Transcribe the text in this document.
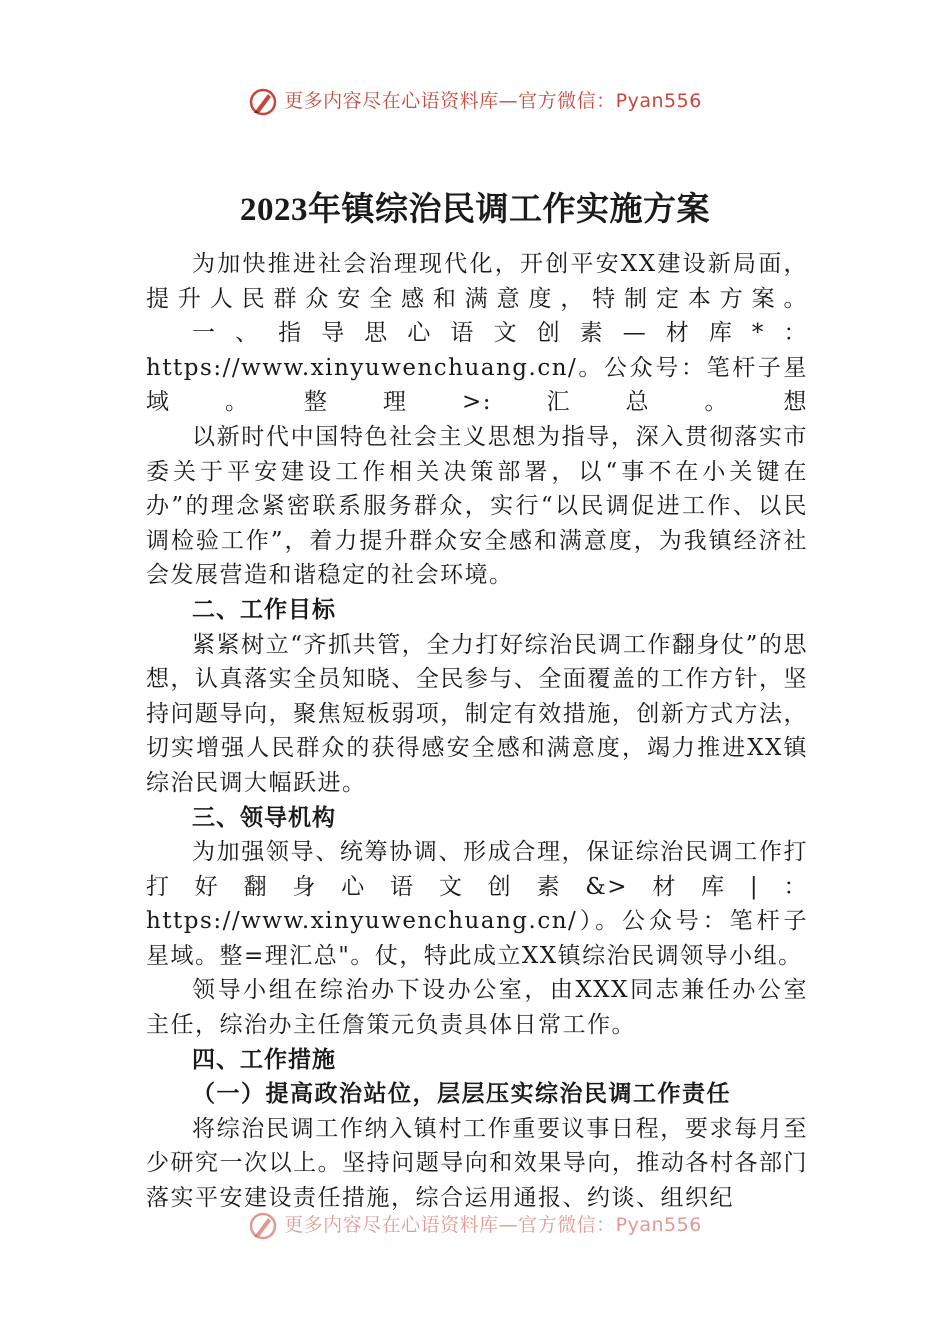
更多内容尽在心语资料库—官方微信：Pyan556
2023年镇综治民调工作实施方案

为加快推进社会治理现代化，开创平安XX建设新局面，提升人民群众安全感和满意度，特制定本方案。

一、指导思心语文创素—材库*：https://www.xinyuwenchuang.cn/。公众号：笔杆子星域。整理>:汇总。想

以新时代中国特色社会主义思想为指导，深入贯彻落实市委关于平安建设工作相关决策部署，以“事不在小关键在办”的理念紧密联系服务群众，实行“以民调促进工作、以民调检验工作”，着力提升群众安全感和满意度，为我镇经济社会发展营造和谐稳定的社会环境。

二、工作目标

紧紧树立“齐抓共管，全力打好综治民调工作翻身仗”的思想，认真落实全员知晓、全民参与、全面覆盖的工作方针，坚持问题导向，聚焦短板弱项，制定有效措施，创新方式方法，切实增强人民群众的获得感安全感和满意度，竭力推进XX镇综治民调大幅跃进。

三、领导机构

为加强领导、统筹协调、形成合理，保证综治民调工作打打好翻身心语文创素&>材库|：https://www.xinyuwenchuang.cn/）。公众号：笔杆子星域。整=理汇总"。仗，特此成立XX镇综治民调领导小组。

领导小组在综治办下设办公室，由XXX同志兼任办公室主任，综治办主任詹策元负责具体日常工作。

四、工作措施

（一）提高政治站位，层层压实综治民调工作责任

将综治民调工作纳入镇村工作重要议事日程，要求每月至少研究一次以上。坚持问题导向和效果导向，推动各村各部门落实平安建设责任措施，综合运用通报、约谈、组织纪

更多内容尽在心语资料库—官方微信：Pyan556
